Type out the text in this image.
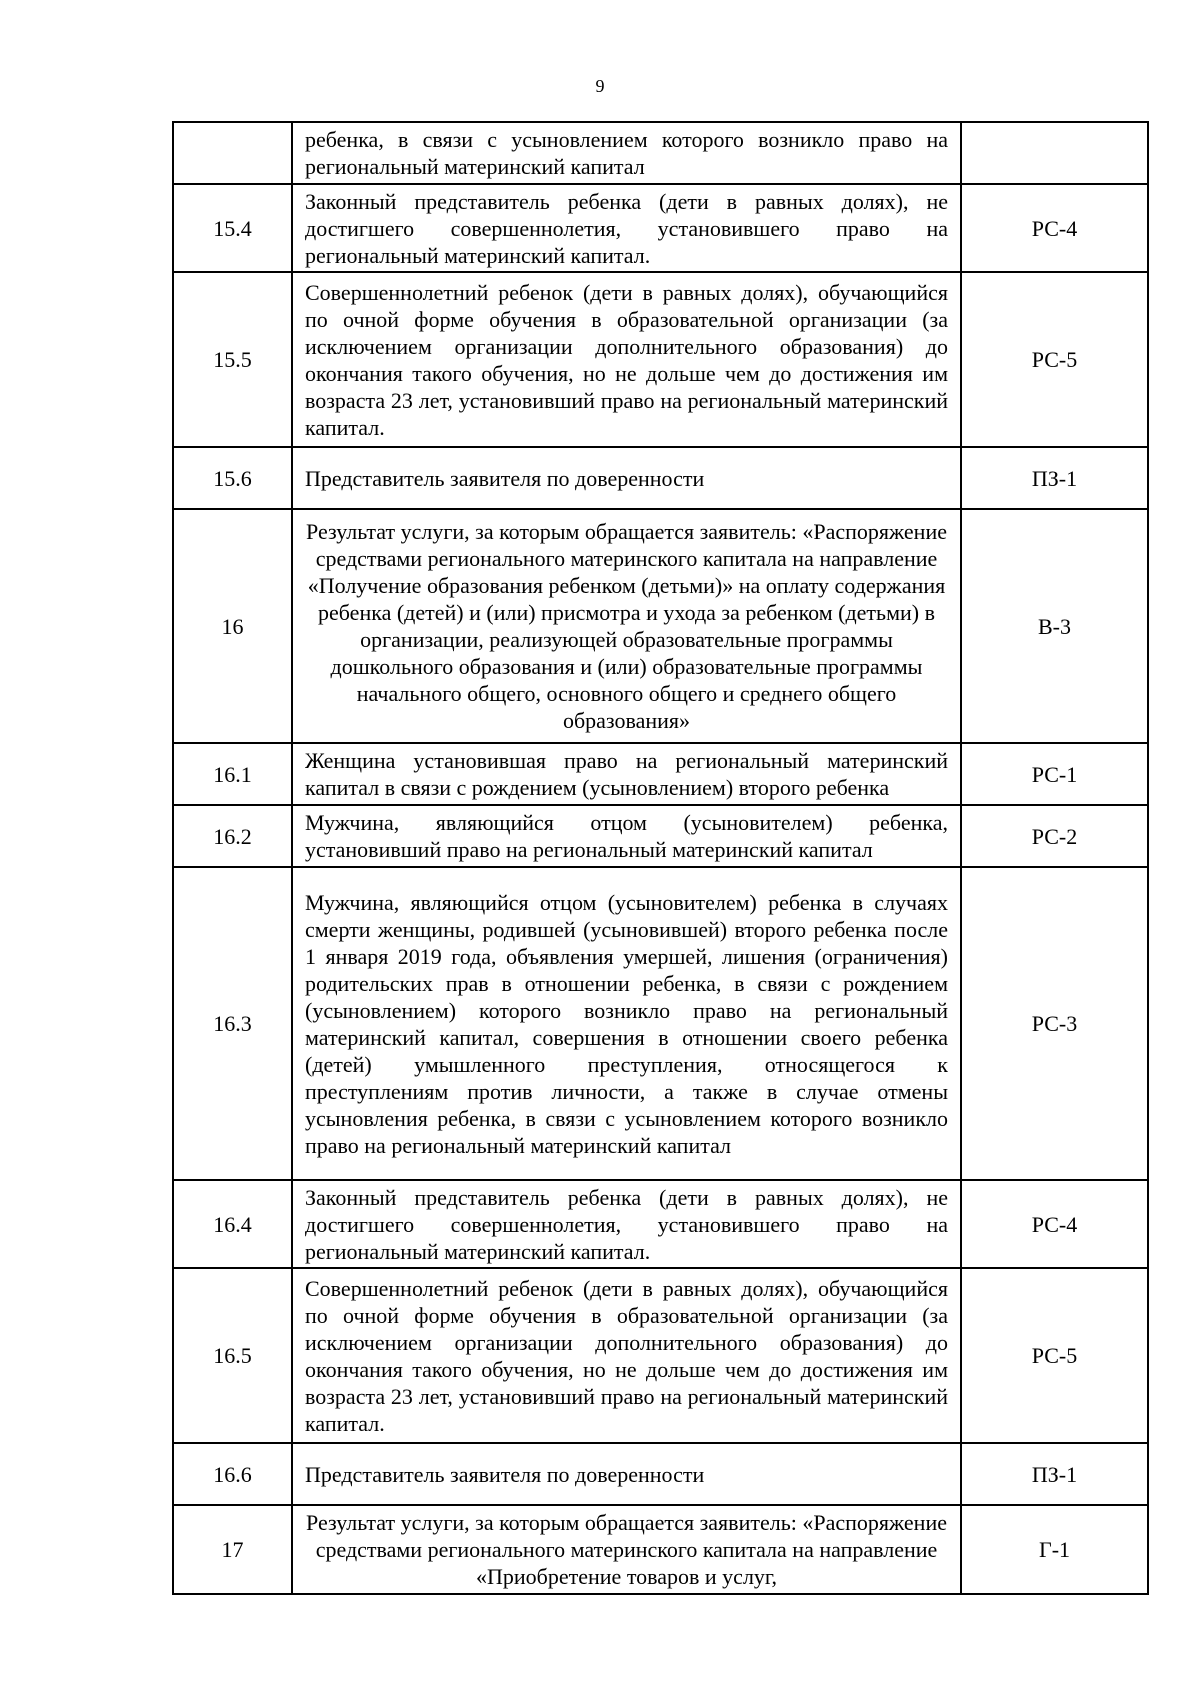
9
	ребенка, в связи с усыновлением которого возникло право на региональный материнский капитал	
15.4	Законный представитель ребенка (дети в равных долях), не достигшего совершеннолетия, установившего право на региональный материнский капитал.	РС-4
15.5	Совершеннолетний ребенок (дети в равных долях), обучающийся по очной форме обучения в образовательной организации (за исключением организации дополнительного образования) до окончания такого обучения, но не дольше чем до достижения им возраста 23 лет, установивший право на региональный материнский капитал.	РС-5
15.6	Представитель заявителя по доверенности	ПЗ-1
16	Результат услуги, за которым обращается заявитель: «Распоряжение средствами регионального материнского капитала на направление «Получение образования ребенком (детьми)» на оплату содержания ребенка (детей) и (или) присмотра и ухода за ребенком (детьми) в организации, реализующей образовательные программы дошкольного образования и (или) образовательные программы начального общего, основного общего и среднего общего образования»	В-3
16.1	Женщина установившая право на региональный материнский капитал в связи с рождением (усыновлением) второго ребенка	РС-1
16.2	Мужчина, являющийся отцом (усыновителем) ребенка, установивший право на региональный материнский капитал	РС-2
16.3	Мужчина, являющийся отцом (усыновителем) ребенка в случаях смерти женщины, родившей (усыновившей) второго ребенка после 1 января 2019 года, объявления умершей, лишения (ограничения) родительских прав в отношении ребенка, в связи с рождением (усыновлением) которого возникло право на региональный материнский капитал, совершения в отношении своего ребенка (детей) умышленного преступления, относящегося к преступлениям против личности, а также в случае отмены усыновления ребенка, в связи с усыновлением которого возникло право на региональный материнский капитал	РС-3
16.4	Законный представитель ребенка (дети в равных долях), не достигшего совершеннолетия, установившего право на региональный материнский капитал.	РС-4
16.5	Совершеннолетний ребенок (дети в равных долях), обучающийся по очной форме обучения в образовательной организации (за исключением организации дополнительного образования) до окончания такого обучения, но не дольше чем до достижения им возраста 23 лет, установивший право на региональный материнский капитал.	РС-5
16.6	Представитель заявителя по доверенности	ПЗ-1
17	Результат услуги, за которым обращается заявитель: «Распоряжение средствами регионального материнского капитала на направление «Приобретение товаров и услуг,	Г-1
